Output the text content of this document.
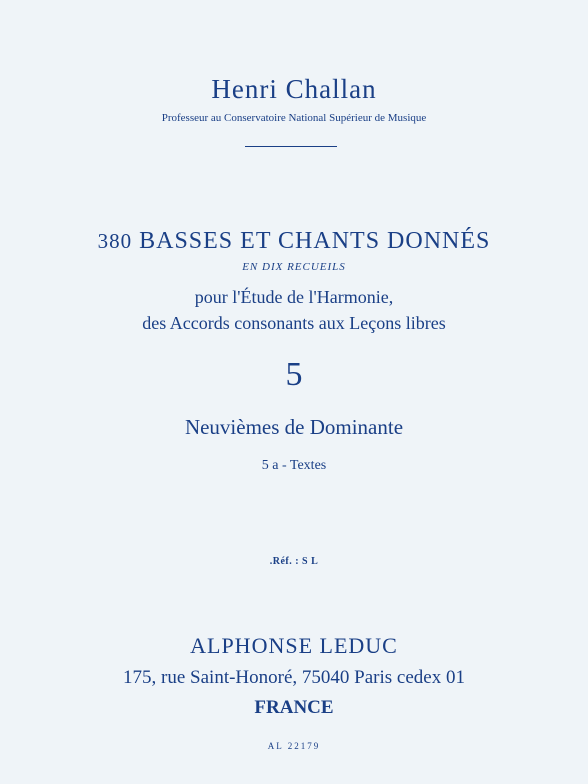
Henri Challan
Professeur au Conservatoire National Supérieur de Musique
380 BASSES ET CHANTS DONNÉS
EN DIX RECUEILS
pour l'Étude de l'Harmonie,
des Accords consonants aux Leçons libres
5
Neuvièmes de Dominante
5 a - Textes
.Réf. : S L
ALPHONSE LEDUC
175, rue Saint-Honoré, 75040 Paris cedex 01
FRANCE
AL 22179
